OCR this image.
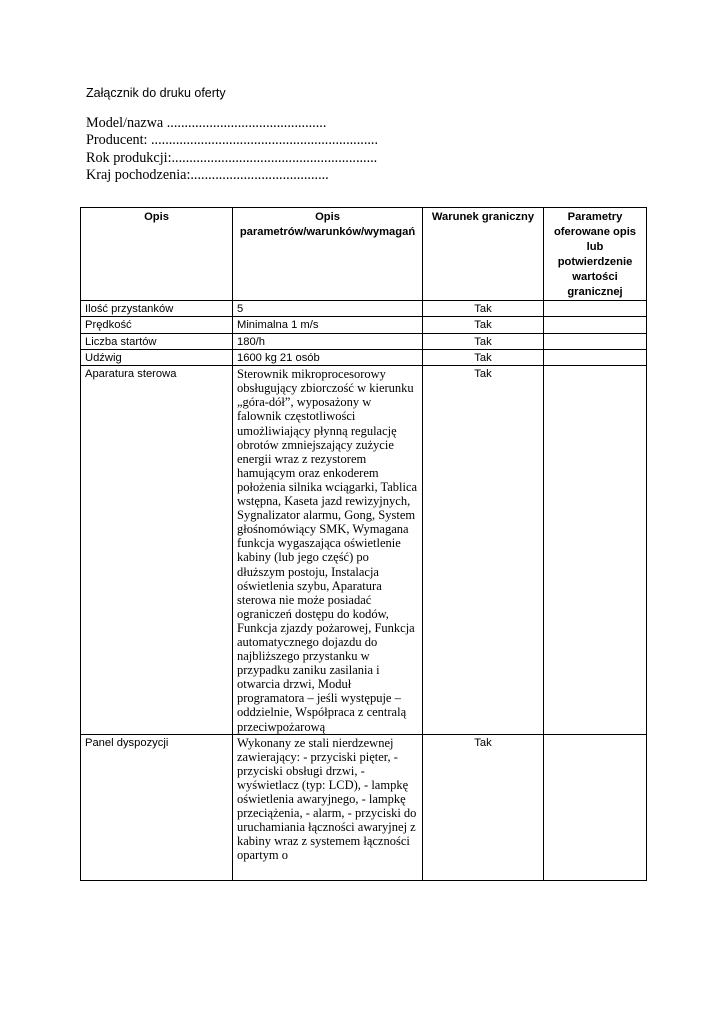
Załącznik do druku oferty
Model/nazwa .............................................
Producent: ................................................................
Rok produkcji:..........................................................
Kraj pochodzenia:.......................................
Opis	Opis parametrów/warunków/wymagań	Warunek graniczny	Parametry oferowane opis lub potwierdzenie wartości granicznej
Ilość przystanków	5	Tak	
Prędkość	Minimalna 1 m/s	Tak	
Liczba startów	180/h	Tak	
Udźwig	1600 kg 21 osób	Tak	
Aparatura sterowa	Sterownik mikroprocesorowy obsługujący zbiorczość w kierunku „góra-dół”, wyposażony w falownik częstotliwości umożliwiający płynną regulację obrotów zmniejszający zużycie energii wraz z rezystorem hamującym oraz enkoderem położenia silnika wciągarki, Tablica wstępna, Kaseta jazd rewizyjnych, Sygnalizator alarmu, Gong, System głośnomówiący SMK, Wymagana funkcja wygaszająca oświetlenie kabiny (lub jego część) po dłuższym postoju, Instalacja oświetlenia szybu, Aparatura sterowa nie może posiadać ograniczeń dostępu do kodów, Funkcja zjazdy pożarowej, Funkcja automatycznego dojazdu do najbliższego przystanku w przypadku zaniku zasilania i otwarcia drzwi, Moduł programatora – jeśli występuje – oddzielnie, Współpraca z centralą przeciwpożarową	Tak	
Panel dyspozycji	Wykonany ze stali nierdzewnej zawierający: - przyciski pięter, - przyciski obsługi drzwi, - wyświetlacz (typ: LCD), - lampkę oświetlenia awaryjnego, - lampkę przeciążenia, - alarm, - przyciski do uruchamiania łączności awaryjnej z kabiny wraz z systemem łączności opartym o	Tak	
